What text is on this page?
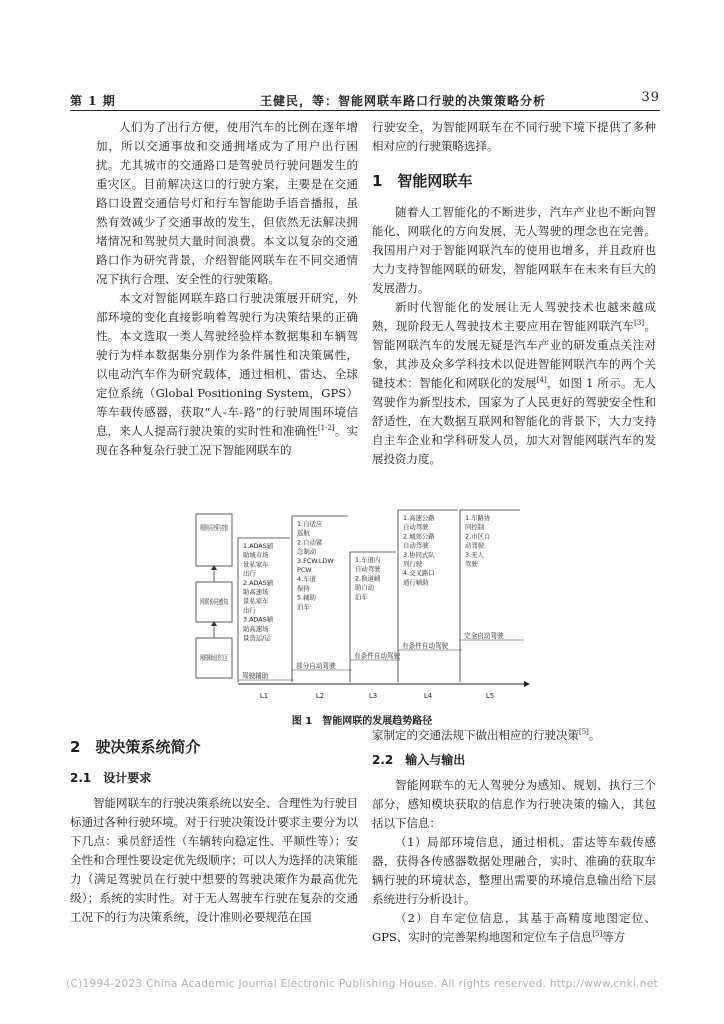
第 1 期	王健民，等：智能网联车路口行驶的决策策略分析	39

人们为了出行方便，使用汽车的比例在逐年增加，所以交通事故和交通拥堵成为了用户出行困扰。尤其城市的交通路口是驾驶员行驶问题发生的重灾区。目前解决这口的行驶方案，主要是在交通路口设置交通信号灯和行车智能助手语音播报，虽然有效减少了交通事故的发生，但依然无法解决拥堵情况和驾驶员大量时间浪费。本文以复杂的交通路口作为研究背景，介绍智能网联车在不同交通情况下执行合理、安全性的行驶策略。

本文对智能网联车路口行驶决策展开研究，外部环境的变化直接影响着驾驶行为决策结果的正确性。本文选取一类人驾驶经验样本数据集和车辆驾驶行为样本数据集分别作为条件属性和决策属性，以电动汽车作为研究载体，通过相机、雷达、全球定位系统（Global Positioning System，GPS）等车载传感器，获取“人-车-路”的行驶周围环境信息，来人人提高行驶决策的实时性和准确性[1-2]。实现在各种复杂行驶工况下智能网联车的

行驶安全，为智能网联车在不同行驶下境下提供了多种相对应的行驶策略选择。

1　智能网联车

随着人工智能化的不断进步，汽车产业也不断向智能化、网联化的方向发展，无人驾驶的理念也在完善。我国用户对于智能网联汽车的使用也增多，并且政府也大力支持智能网联的研发，智能网联车在未来有巨大的发展潜力。

新时代智能化的发展让无人驾驶技术也越来越成熟，现阶段无人驾驶技术主要应用在智能网联汽车[3]。智能网联汽车的发展无疑是汽车产业的研发重点关注对象，其涉及众多学科技术以促进智能网联汽车的两个关键技术：智能化和网联化的发展[4]，如图 1 所示。无人驾驶作为新型技术，国家为了人民更好的驾驶安全性和舒适性，在大数据互联网和智能化的背景下，大力支持自主车企业和学科研发人员，加大对智能网联汽车的发展投资力度。

网联协同决策与控制
网联协同感知
网联辅助信息交互
1.ADAS辅
助城市场
景私家车
出行
2.ADAS辅
助高速场
景私家车
出行
3.ADAS辅
助高速场
景货运/运
驾驶辅助
1.自适应
巡航
2.自动紧
急制动
3.FCW.LDW
PCW
4.车道
保持
5.辅助
泊车
部分自动驾驶
1.车道内
自动驾驶
2.换道辅
助自动
泊车
有条件自动驾驶
1.高速公路
自动驾驶
2.城郊公路
自动驾驶
3.协同式队
列行驶
4.交叉路口
通行辅助
有条件自动驾驶
1.车路协
同控制
2.市区自
动驾驶
3.无人
驾驶
完全自动驾驶
L1	L2	L3	L4	L5
图 1　智能网联的发展趋势路径
2　驶决策系统简介
2.1　设计要求

智能网联车的行驶决策系统以安全、合理性为行驶目标通过各种行驶环境。对于行驶决策设计要求主要分为以下几点：乘员舒适性（车辆转向稳定性、平顺性等）；安全性和合理性要设定优先级顺序；可以人为选择的决策能力（满足驾驶员在行驶中想要的驾驶决策作为最高优先级）；系统的实时性。对于无人驾驶车行驶在复杂的交通工况下的行为决策系统，设计准则必要规范在国

家制定的交通法规下做出相应的行驶决策[5]。

2.2　输入与输出

智能网联车的无人驾驶分为感知、规划、执行三个部分，感知模块获取的信息作为行驶决策的输入，其包括以下信息：

（1）局部环境信息，通过相机、雷达等车载传感器，获得各传感器数据处理融合，实时、准确的获取车辆行驶的环境状态，整理出需要的环境信息输出给下层系统进行分析设计。

（2）自车定位信息，其基于高精度地图定位、GPS、实时的完善架构地图和定位车子信息[5]等方

(C)1994-2023 China Academic Journal Electronic Publishing House. All rights reserved. http://www.cnki.net
